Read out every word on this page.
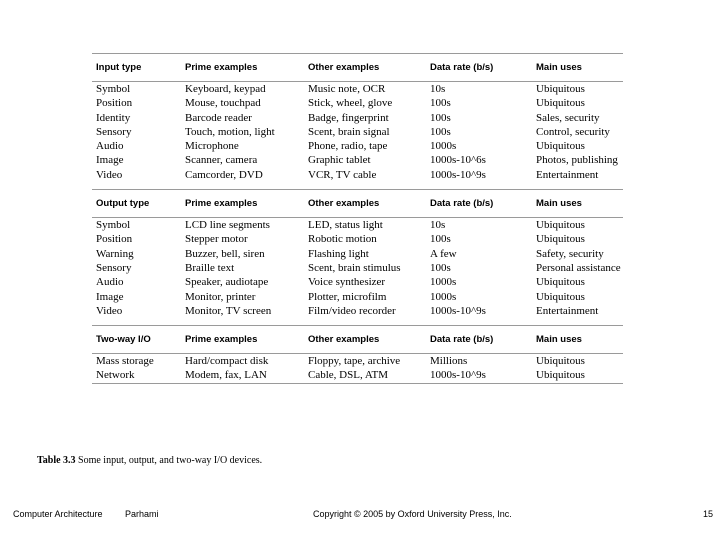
Input type	Prime examples	Other examples	Data rate (b/s)	Main uses
Symbol	Keyboard, keypad	Music note, OCR	10s	Ubiquitous
Position	Mouse, touchpad	Stick, wheel, glove	100s	Ubiquitous
Identity	Barcode reader	Badge, fingerprint	100s	Sales, security
Sensory	Touch, motion, light	Scent, brain signal	100s	Control, security
Audio	Microphone	Phone, radio, tape	1000s	Ubiquitous
Image	Scanner, camera	Graphic tablet	1000s-10^6s	Photos, publishing
Video	Camcorder, DVD	VCR, TV cable	1000s-10^9s	Entertainment

Output type	Prime examples	Other examples	Data rate (b/s)	Main uses
Symbol	LCD line segments	LED, status light	10s	Ubiquitous
Position	Stepper motor	Robotic motion	100s	Ubiquitous
Warning	Buzzer, bell, siren	Flashing light	A few	Safety, security
Sensory	Braille text	Scent, brain stimulus	100s	Personal assistance
Audio	Speaker, audiotape	Voice synthesizer	1000s	Ubiquitous
Image	Monitor, printer	Plotter, microfilm	1000s	Ubiquitous
Video	Monitor, TV screen	Film/video recorder	1000s-10^9s	Entertainment

Two-way I/O	Prime examples	Other examples	Data rate (b/s)	Main uses
Mass storage	Hard/compact disk	Floppy, tape, archive	Millions	Ubiquitous
Network	Modem, fax, LAN	Cable, DSL, ATM	1000s-10^9s	Ubiquitous
Table 3.3 Some input, output, and two-way I/O devices.
Computer Architecture Parhami	Copyright © 2005 by Oxford University Press, Inc.	15
